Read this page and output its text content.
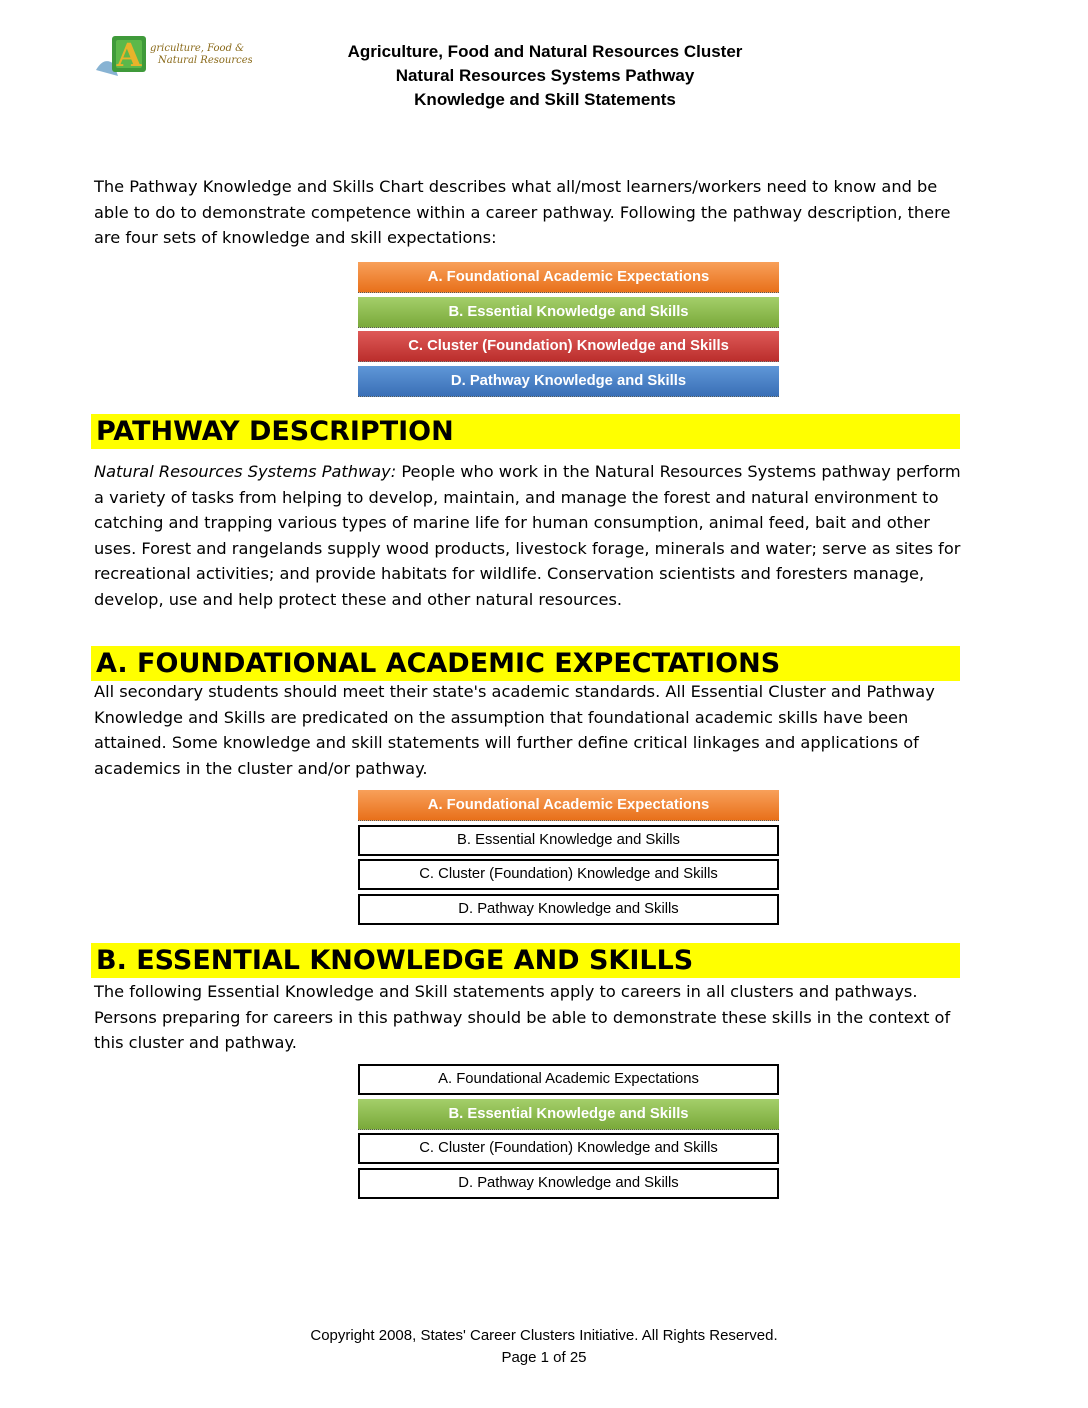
A griculture, Food &
Natural Resources	Agriculture, Food and Natural Resources Cluster
Natural Resources Systems Pathway
Knowledge and Skill Statements
The Pathway Knowledge and Skills Chart describes what all/most learners/workers need to know and be able to do to demonstrate competence within a career pathway. Following the pathway description, there are four sets of knowledge and skill expectations:
A. Foundational Academic Expectations
B. Essential Knowledge and Skills
C. Cluster (Foundation) Knowledge and Skills
D. Pathway Knowledge and Skills
PATHWAY DESCRIPTION
Natural Resources Systems Pathway: People who work in the Natural Resources Systems pathway perform a variety of tasks from helping to develop, maintain, and manage the forest and natural environment to catching and trapping various types of marine life for human consumption, animal feed, bait and other uses. Forest and rangelands supply wood products, livestock forage, minerals and water; serve as sites for recreational activities; and provide habitats for wildlife. Conservation scientists and foresters manage, develop, use and help protect these and other natural resources.
A. FOUNDATIONAL ACADEMIC EXPECTATIONS
All secondary students should meet their state's academic standards. All Essential Cluster and Pathway Knowledge and Skills are predicated on the assumption that foundational academic skills have been attained. Some knowledge and skill statements will further define critical linkages and applications of academics in the cluster and/or pathway.
A. Foundational Academic Expectations
B. Essential Knowledge and Skills
C. Cluster (Foundation) Knowledge and Skills
D. Pathway Knowledge and Skills
B. ESSENTIAL KNOWLEDGE AND SKILLS
The following Essential Knowledge and Skill statements apply to careers in all clusters and pathways. Persons preparing for careers in this pathway should be able to demonstrate these skills in the context of this cluster and pathway.
A. Foundational Academic Expectations
B. Essential Knowledge and Skills
C. Cluster (Foundation) Knowledge and Skills
D. Pathway Knowledge and Skills
Copyright 2008, States' Career Clusters Initiative. All Rights Reserved.
Page 1 of 25
